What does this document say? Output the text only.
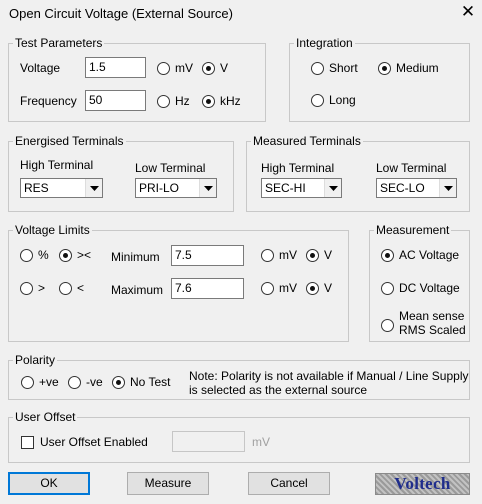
Open Circuit Voltage (External Source)	✕
Test Parameters
Voltage	1.5	mV V
Frequency	50	Hz	kHz
Integration
Short	Medium
Long
Energised Terminals
High Terminal
RES
Low Terminal
PRI-LO
Measured Terminals
High Terminal
SEC-HI
Low Terminal
SEC-LO
Voltage Limits
% ><
>	<
Minimum	7.5	mV V
Maximum 7.6	mV V
Measurement
AC Voltage
DC Voltage
Mean sense
RMS Scaled
Polarity
+ve -ve No Test Note: Polarity is not available if Manual / Line Supply
is selected as the external source
User Offset
User Offset Enabled	mV
OK	Measure	Cancel	Voltech
